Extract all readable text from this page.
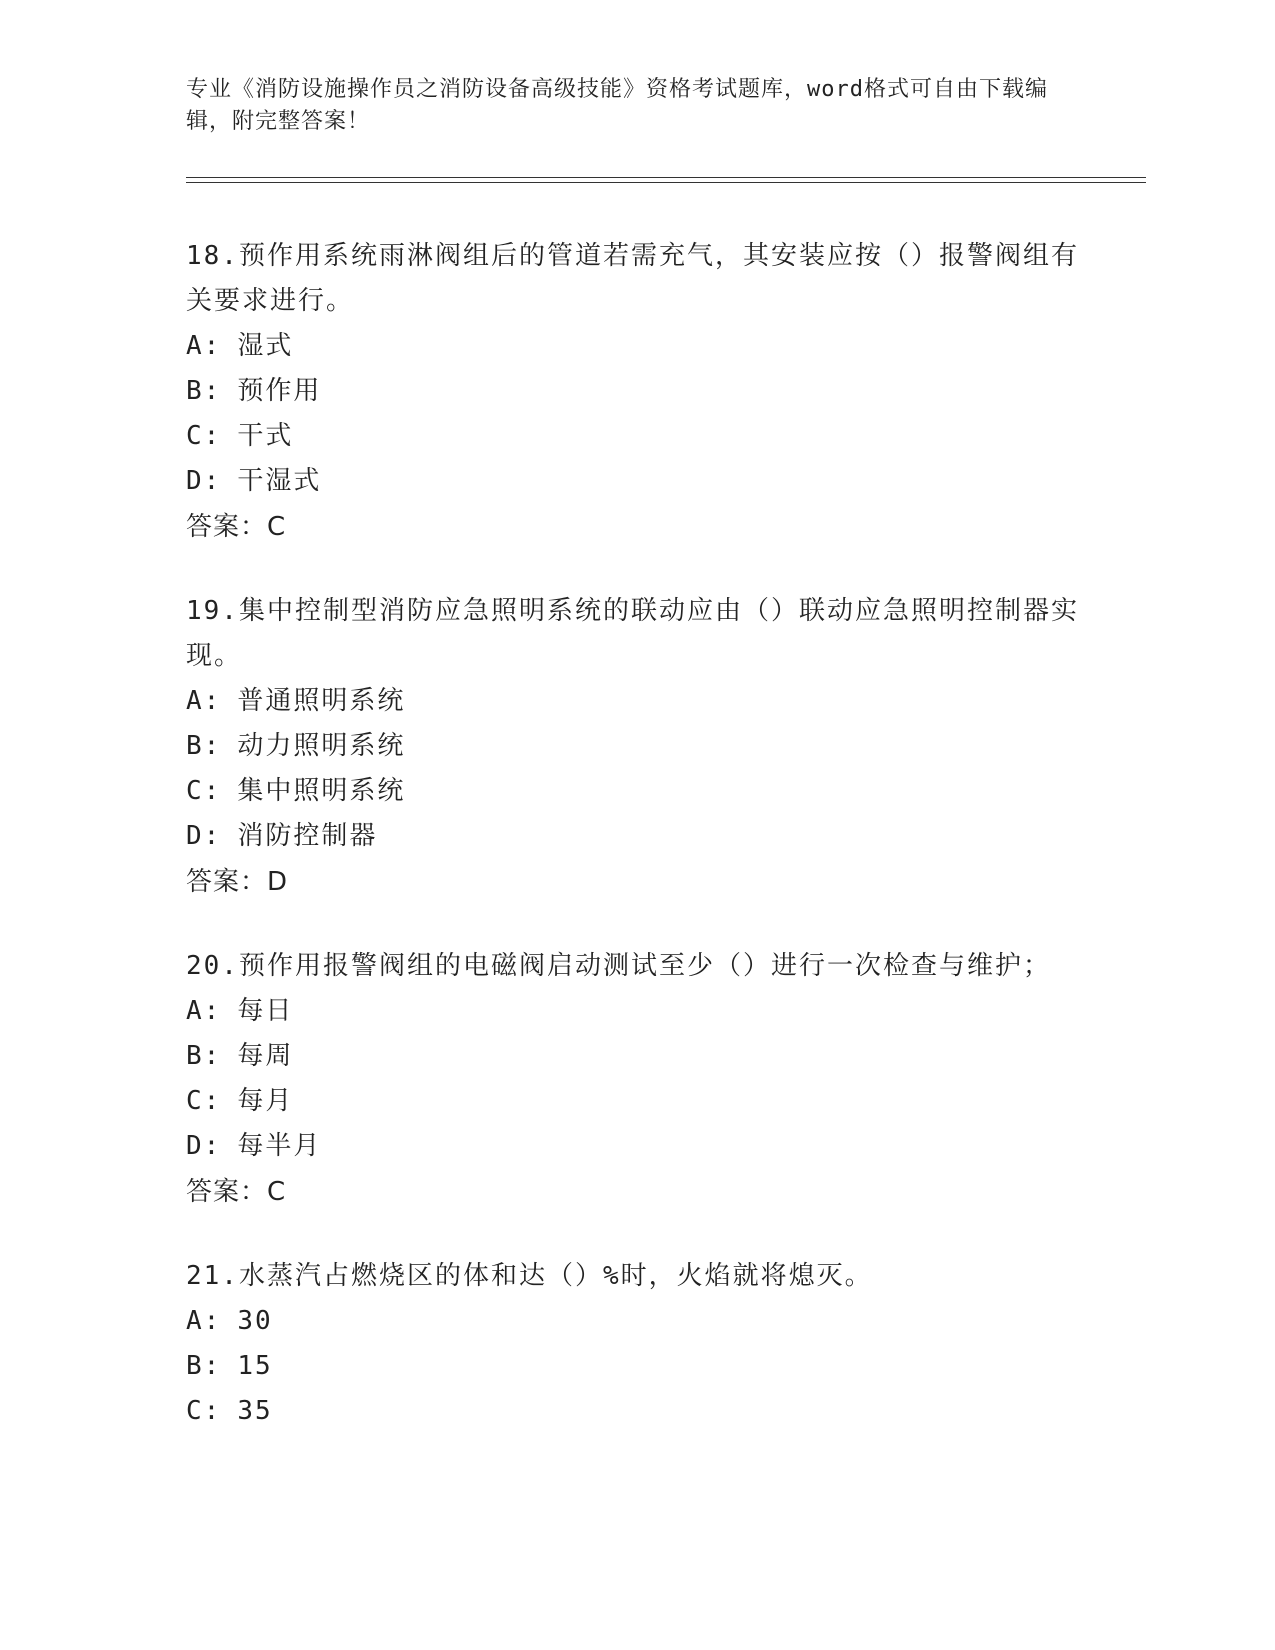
专业《消防设施操作员之消防设备高级技能》资格考试题库，word格式可自由下载编辑，附完整答案！

18.预作用系统雨淋阀组后的管道若需充气，其安装应按（）报警阀组有关要求进行。

A: 湿式

B: 预作用

C: 干式

D: 干湿式

答案：C

19.集中控制型消防应急照明系统的联动应由（）联动应急照明控制器实现。

A: 普通照明系统

B: 动力照明系统

C: 集中照明系统

D: 消防控制器

答案：D

20.预作用报警阀组的电磁阀启动测试至少（）进行一次检查与维护；

A: 每日

B: 每周

C: 每月

D: 每半月

答案：C

21.水蒸汽占燃烧区的体和达（）%时，火焰就将熄灭。

A: 30

B: 15

C: 35
